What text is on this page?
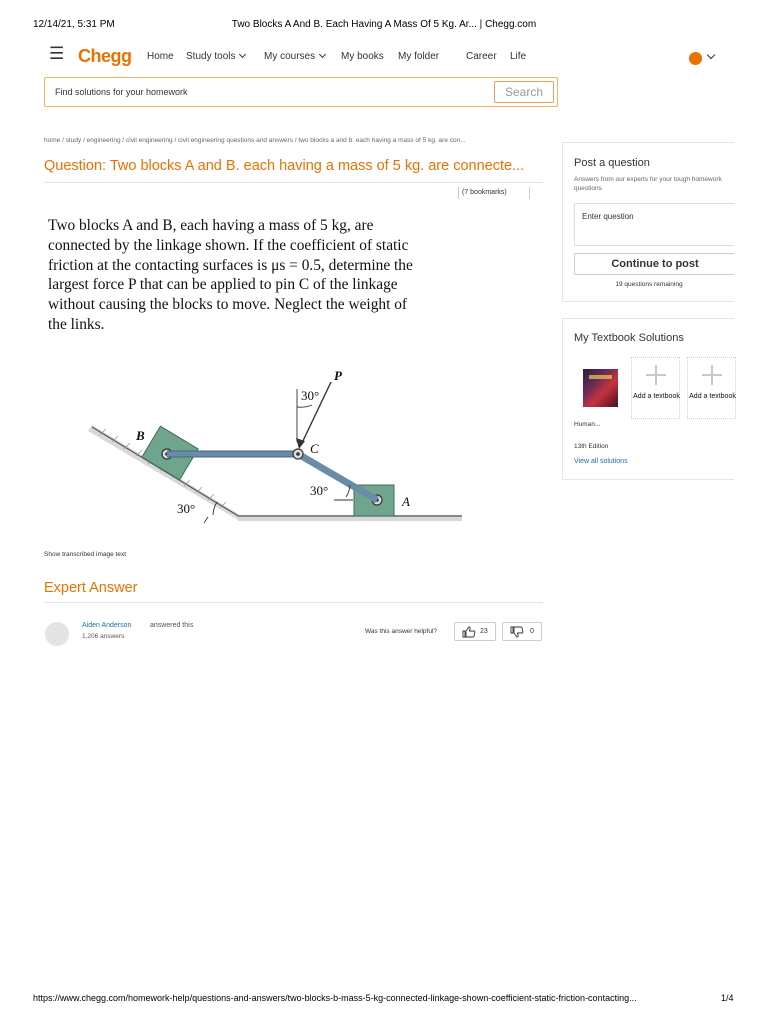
12/14/21, 5:31 PM	Two Blocks A And B. Each Having A Mass Of 5 Kg. Ar... | Chegg.com
☰ Chegg Home Study tools	My courses	My books My folder	Career Life
Find solutions for your homework	Search
home / study / engineering / civil engineering / civil engineering questions and answers / two blocks a and b. each having a mass of 5 kg. are con...
Question: Two blocks A and B. each having a mass of 5 kg. are connecte...
(7 bookmarks)
Two blocks A and B, each having a mass of 5 kg, are
connected by the linkage shown. If the coefficient of static
friction at the contacting surfaces is μs = 0.5, determine the
largest force P that can be applied to pin C of the linkage
without causing the blocks to move. Neglect the weight of
the links.
P
30°
C
B
A
30°
30°
Show transcribed image text
Expert Answer
Aiden Anderson	answered this
1,206 answers
Was this answer helpful?	23	0
Post a question
Answers from our experts for your tough homework questions
Enter question
Continue to post
19 questions remaining
My Textbook Solutions
Add a textbook Add a textbook
Human...
13th Edition
View all solutions
https://www.chegg.com/homework-help/questions-and-answers/two-blocks-b-mass-5-kg-connected-linkage-shown-coefficient-static-friction-contacting...	1/4
